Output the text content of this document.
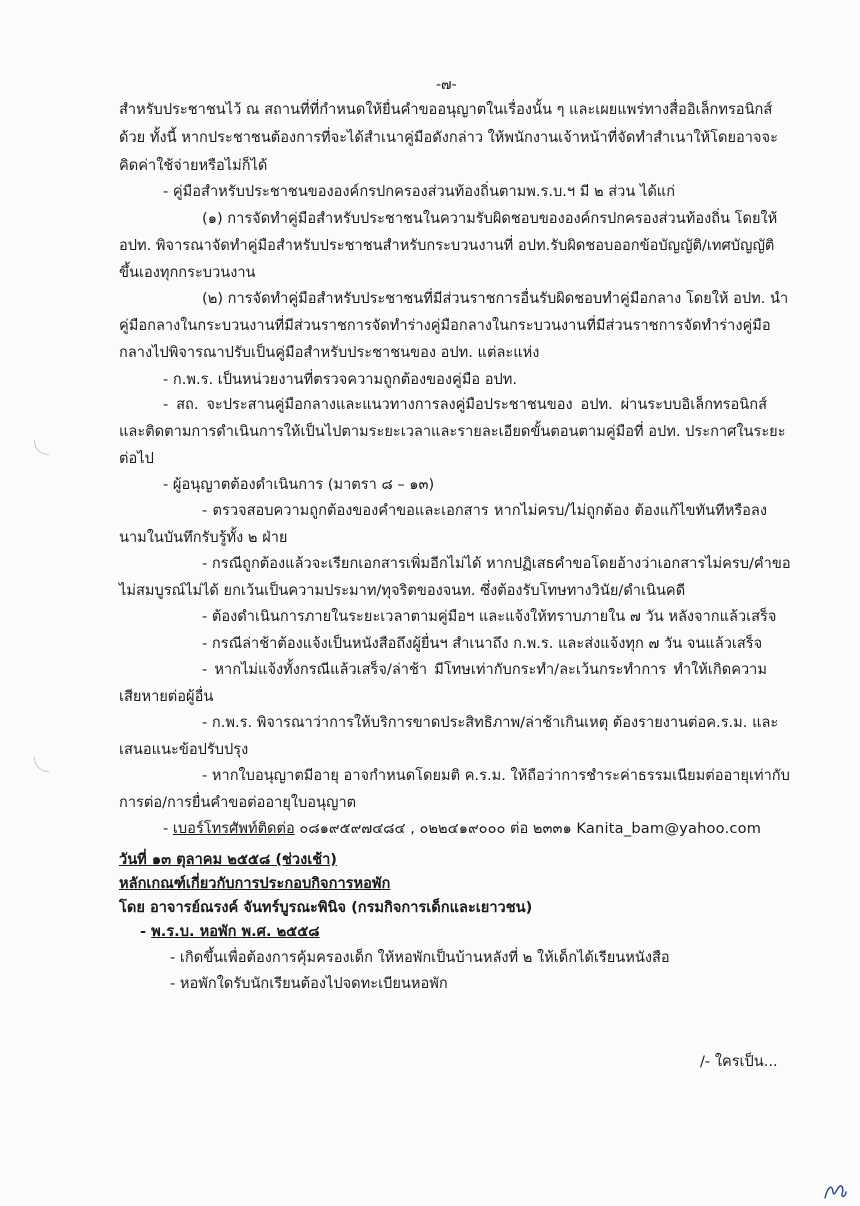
-๗-
สำหรับประชาชนไว้ ณ สถานที่ที่กำหนดให้ยื่นคำขออนุญาตในเรื่องนั้น ๆ และเผยแพร่ทางสื่ออิเล็กทรอนิกส์
ด้วย ทั้งนี้ หากประชาชนต้องการที่จะได้สำเนาคู่มือดังกล่าว ให้พนักงานเจ้าหน้าที่จัดทำสำเนาให้โดยอาจจะ
คิดค่าใช้จ่ายหรือไม่ก็ได้
- คู่มือสำหรับประชาชนขององค์กรปกครองส่วนท้องถิ่นตามพ.ร.บ.ฯ มี ๒ ส่วน ได้แก่
(๑) การจัดทำคู่มือสำหรับประชาชนในความรับผิดชอบขององค์กรปกครองส่วนท้องถิ่น โดยให้
อปท. พิจารณาจัดทำคู่มือสำหรับประชาชนสำหรับกระบวนงานที่ อปท.รับผิดชอบออกข้อบัญญัติ/เทศบัญญัติ
ขึ้นเองทุกกระบวนงาน
(๒) การจัดทำคู่มือสำหรับประชาชนที่มีส่วนราชการอื่นรับผิดชอบทำคู่มือกลาง โดยให้ อปท. นำ
คู่มือกลางในกระบวนงานที่มีส่วนราชการจัดทำร่างคู่มือกลางในกระบวนงานที่มีส่วนราชการจัดทำร่างคู่มือ
กลางไปพิจารณาปรับเป็นคู่มือสำหรับประชาชนของ อปท. แต่ละแห่ง
- ก.พ.ร. เป็นหน่วยงานที่ตรวจความถูกต้องของคู่มือ อปท.
- สถ. จะประสานคู่มือกลางและแนวทางการลงคู่มือประชาชนของ อปท. ผ่านระบบอิเล็กทรอนิกส์
และติดตามการดำเนินการให้เป็นไปตามระยะเวลาและรายละเอียดขั้นตอนตามคู่มือที่ อปท. ประกาศในระยะ
ต่อไป
- ผู้อนุญาตต้องดำเนินการ (มาตรา ๘ – ๑๓)
- ตรวจสอบความถูกต้องของคำขอและเอกสาร หากไม่ครบ/ไม่ถูกต้อง ต้องแก้ไขทันทีหรือลง
นามในบันทึกรับรู้ทั้ง ๒ ฝ่าย
- กรณีถูกต้องแล้วจะเรียกเอกสารเพิ่มอีกไม่ได้ หากปฏิเสธคำขอโดยอ้างว่าเอกสารไม่ครบ/คำขอ
ไม่สมบูรณ์ไม่ได้ ยกเว้นเป็นความประมาท/ทุจริตของจนท. ซึ่งต้องรับโทษทางวินัย/ดำเนินคดี
- ต้องดำเนินการภายในระยะเวลาตามคู่มือฯ และแจ้งให้ทราบภายใน ๗ วัน หลังจากแล้วเสร็จ
- กรณีล่าช้าต้องแจ้งเป็นหนังสือถึงผู้ยื่นฯ สำเนาถึง ก.พ.ร. และส่งแจ้งทุก ๗ วัน จนแล้วเสร็จ
- หากไม่แจ้งทั้งกรณีแล้วเสร็จ/ล่าช้า มีโทษเท่ากับกระทำ/ละเว้นกระทำการ ทำให้เกิดความ
เสียหายต่อผู้อื่น
- ก.พ.ร. พิจารณาว่าการให้บริการขาดประสิทธิภาพ/ล่าช้าเกินเหตุ ต้องรายงานต่อค.ร.ม. และ
เสนอแนะข้อปรับปรุง
- หากใบอนุญาตมีอายุ อาจกำหนดโดยมติ ค.ร.ม. ให้ถือว่าการชำระค่าธรรมเนียมต่ออายุเท่ากับ
การต่อ/การยื่นคำขอต่ออายุใบอนุญาต
- เบอร์โทรศัพท์ติดต่อ ๐๘๑๙๕๙๗๔๘๔ , ๐๒๒๔๑๙๐๐๐ ต่อ ๒๓๓๑ Kanita_bam@yahoo.com
วันที่ ๑๓ ตุลาคม ๒๕๕๘ (ช่วงเช้า)
หลักเกณฑ์เกี่ยวกับการประกอบกิจการหอพัก
โดย อาจารย์ณรงค์ จันทร์บูรณะพินิจ (กรมกิจการเด็กและเยาวชน)
- พ.ร.บ. หอพัก พ.ศ. ๒๕๕๘
- เกิดขึ้นเพื่อต้องการคุ้มครองเด็ก ให้หอพักเป็นบ้านหลังที่ ๒ ให้เด็กได้เรียนหนังสือ
- หอพักใดรับนักเรียนต้องไปจดทะเบียนหอพัก
/- ใครเป็น...
